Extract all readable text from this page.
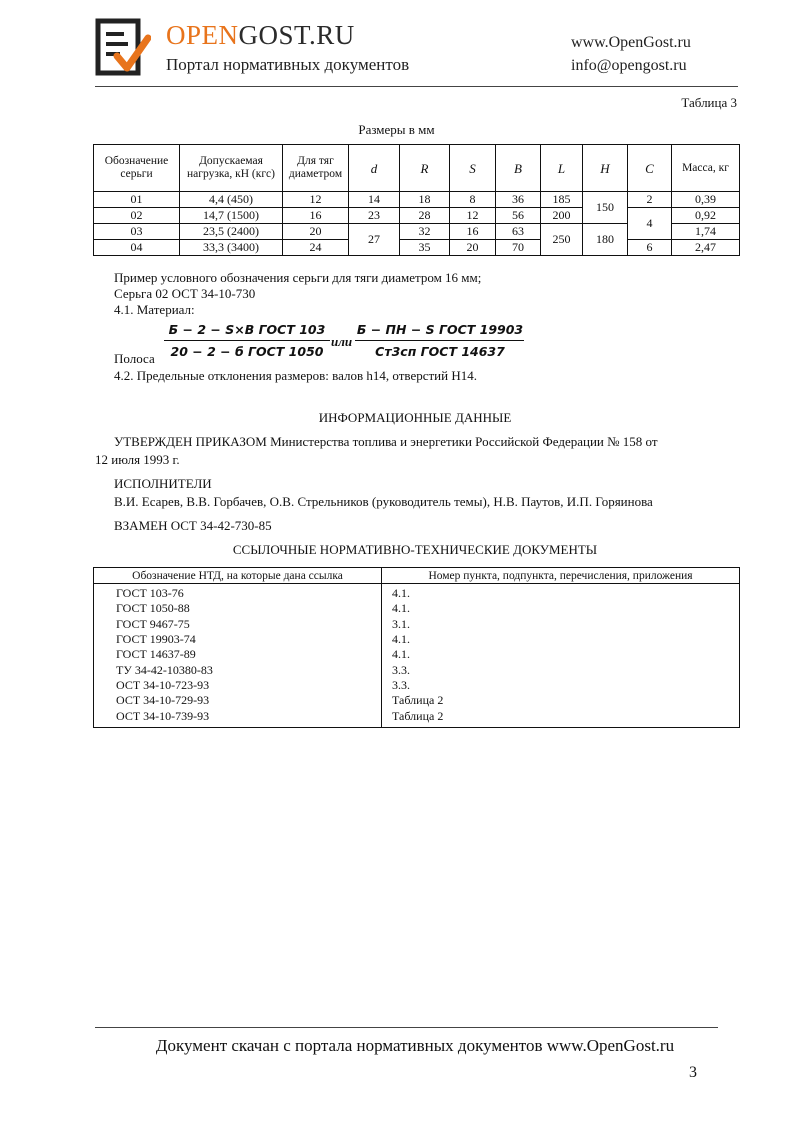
OPENGOST.RU
Портал нормативных документов
www.OpenGost.ru
info@opengost.ru
Таблица 3
Размеры в мм
Обозначение серьги	Допускаемая нагрузка, кН (кгс)	Для тяг диаметром	d	R	S	B	L	H	C	Масса, кг
01	4,4 (450)	12	14	18	8	36	185	150	2	0,39
02	14,7 (1500)	16	23	28	12	56	200		4	0,92
03	23,5 (2400)	20	27	32	16	63	250	180		1,74
04	33,3 (3400)	24		35	20	70			6	2,47
Пример условного обозначения серьги для тяги диаметром 16 мм;
Серьга 02 ОСТ 34-10-730
4.1. Материал:
Полоса
Б − 2 − S×B ГОСТ 103
20 − 2 − б ГОСТ 1050
или
Б − ПН − S ГОСТ 19903
Ст3сп ГОСТ 14637
4.2. Предельные отклонения размеров: валов h14, отверстий H14.
ИНФОРМАЦИОННЫЕ ДАННЫЕ
УТВЕРЖДЕН ПРИКАЗОМ Министерства топлива и энергетики Российской Федерации № 158 от
12 июля 1993 г.
ИСПОЛНИТЕЛИ
В.И. Есарев, В.В. Горбачев, О.В. Стрельников (руководитель темы), Н.В. Паутов, И.П. Горяинова
ВЗАМЕН ОСТ 34-42-730-85
ССЫЛОЧНЫЕ НОРМАТИВНО-ТЕХНИЧЕСКИЕ ДОКУМЕНТЫ
Обозначение НТД, на которые дана ссылка	Номер пункта, подпункта, перечисления, приложения
ГОСТ 103-76	4.1.
ГОСТ 1050-88	4.1.
ГОСТ 9467-75	3.1.
ГОСТ 19903-74	4.1.
ГОСТ 14637-89	4.1.
ТУ 34-42-10380-83	3.3.
ОСТ 34-10-723-93	3.3.
ОСТ 34-10-729-93	Таблица 2
ОСТ 34-10-739-93	Таблица 2
Документ скачан с портала нормативных документов www.OpenGost.ru
3
